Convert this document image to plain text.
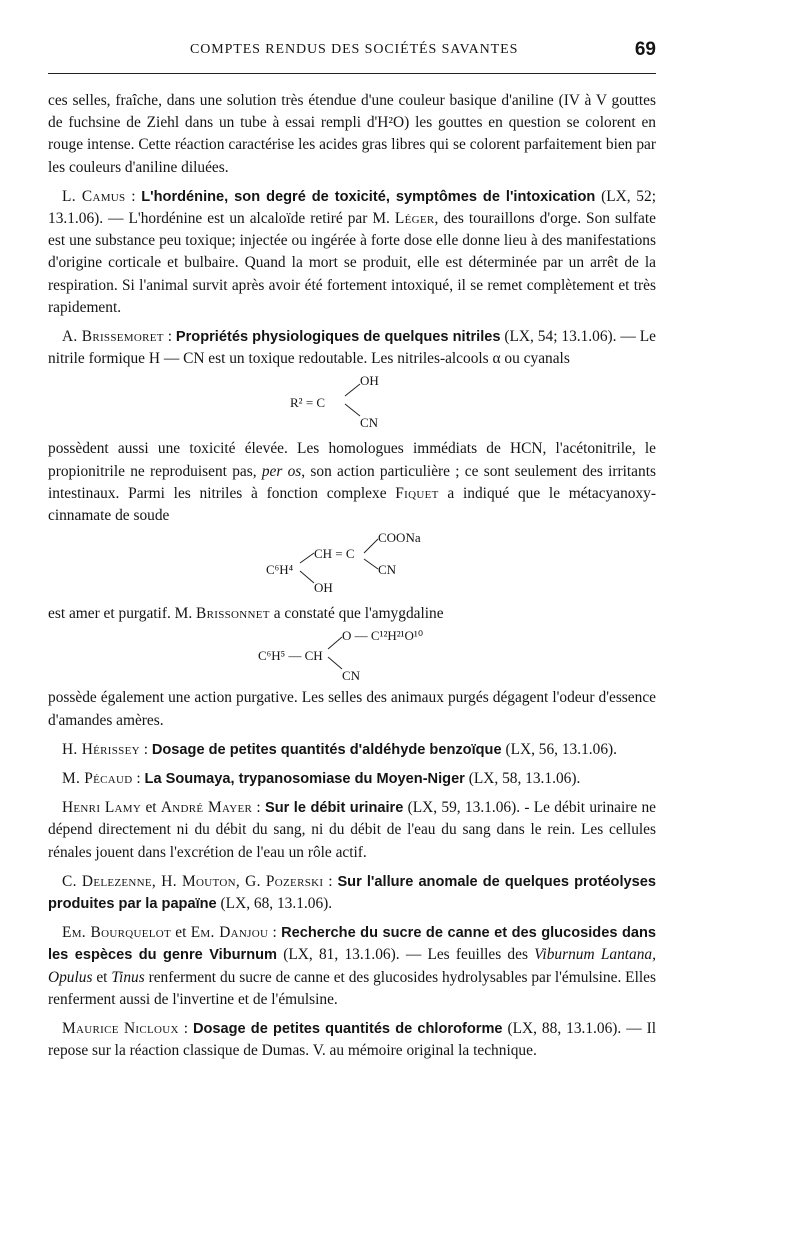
COMPTES RENDUS DES SOCIÉTÉS SAVANTES	69

ces selles, fraîche, dans une solution très étendue d'une couleur basique d'aniline (IV à V gouttes de fuchsine de Ziehl dans un tube à essai rempli d'H²O) les gouttes en question se colorent en rouge intense. Cette réaction caractérise les acides gras libres qui se colorent parfaitement bien par les couleurs d'aniline diluées.

L. Camus : L'hordénine, son degré de toxicité, symptômes de l'intoxication (LX, 52; 13.1.06). — L'hordénine est un alcaloïde retiré par M. Léger, des touraillons d'orge. Son sulfate est une substance peu toxique; injectée ou ingérée à forte dose elle donne lieu à des manifestations d'origine corticale et bulbaire. Quand la mort se produit, elle est déterminée par un arrêt de la respiration. Si l'animal survit après avoir été fortement intoxiqué, il se remet complètement et très rapidement.

A. Brissemoret : Propriétés physiologiques de quelques nitriles (LX, 54; 13.1.06). — Le nitrile formique H — CN est un toxique redoutable. Les nitriles-alcools α ou cyanals

R² = C
OH
CN

possèdent aussi une toxicité élevée. Les homologues immédiats de HCN, l'acétonitrile, le propionitrile ne reproduisent pas, per os, son action particulière ; ce sont seulement des irritants intestinaux. Parmi les nitriles à fonction complexe Fiquet a indiqué que le métacyanoxy-cinnamate de soude

C⁶H⁴
CH = C
COONa
CN
OH

est amer et purgatif. M. Brissonnet a constaté que l'amygdaline

C⁶H⁵ — CH
O — C¹²H²¹O¹⁰
CN

possède également une action purgative. Les selles des animaux purgés dégagent l'odeur d'essence d'amandes amères.

H. Hérissey : Dosage de petites quantités d'aldéhyde benzoïque (LX, 56, 13.1.06).

M. Pécaud : La Soumaya, trypanosomiase du Moyen-Niger (LX, 58, 13.1.06).

Henri Lamy et André Mayer : Sur le débit urinaire (LX, 59, 13.1.06). - Le débit urinaire ne dépend directement ni du débit du sang, ni du débit de l'eau du sang dans le rein. Les cellules rénales jouent dans l'excrétion de l'eau un rôle actif.

C. Delezenne, H. Mouton, G. Pozerski : Sur l'allure anomale de quelques protéolyses produites par la papaïne (LX, 68, 13.1.06).

Em. Bourquelot et Em. Danjou : Recherche du sucre de canne et des glucosides dans les espèces du genre Viburnum (LX, 81, 13.1.06). — Les feuilles des Viburnum Lantana, Opulus et Tinus renferment du sucre de canne et des glucosides hydrolysables par l'émulsine. Elles renferment aussi de l'invertine et de l'émulsine.

Maurice Nicloux : Dosage de petites quantités de chloroforme (LX, 88, 13.1.06). — Il repose sur la réaction classique de Dumas. V. au mémoire original la technique.
